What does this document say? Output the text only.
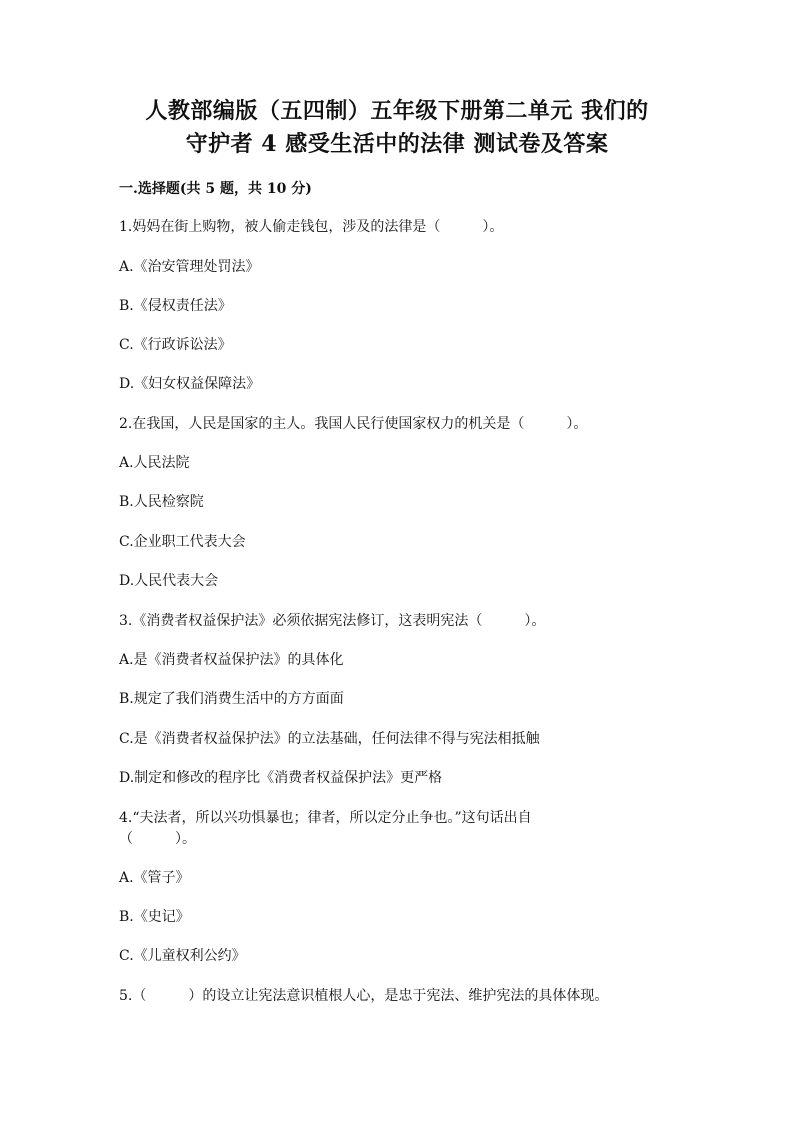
人教部编版（五四制）五年级下册第二单元 我们的
守护者 4 感受生活中的法律 测试卷及答案
一.选择题(共 5 题，共 10 分)
1.妈妈在街上购物，被人偷走钱包，涉及的法律是（　　　）。
A.《治安管理处罚法》
B.《侵权责任法》
C.《行政诉讼法》
D.《妇女权益保障法》
2.在我国，人民是国家的主人。我国人民行使国家权力的机关是（　　　）。
A.人民法院
B.人民检察院
C.企业职工代表大会
D.人民代表大会
3.《消费者权益保护法》必须依据宪法修订，这表明宪法（　　　）。
A.是《消费者权益保护法》的具体化
B.规定了我们消费生活中的方方面面
C.是《消费者权益保护法》的立法基础，任何法律不得与宪法相抵触
D.制定和修改的程序比《消费者权益保护法》更严格
4.“夫法者，所以兴功惧暴也；律者，所以定分止争也。”这句话出自
（　　　）。
A.《管子》
B.《史记》
C.《儿童权利公约》
5.（　　　）的设立让宪法意识植根人心，是忠于宪法、维护宪法的具体体现。
